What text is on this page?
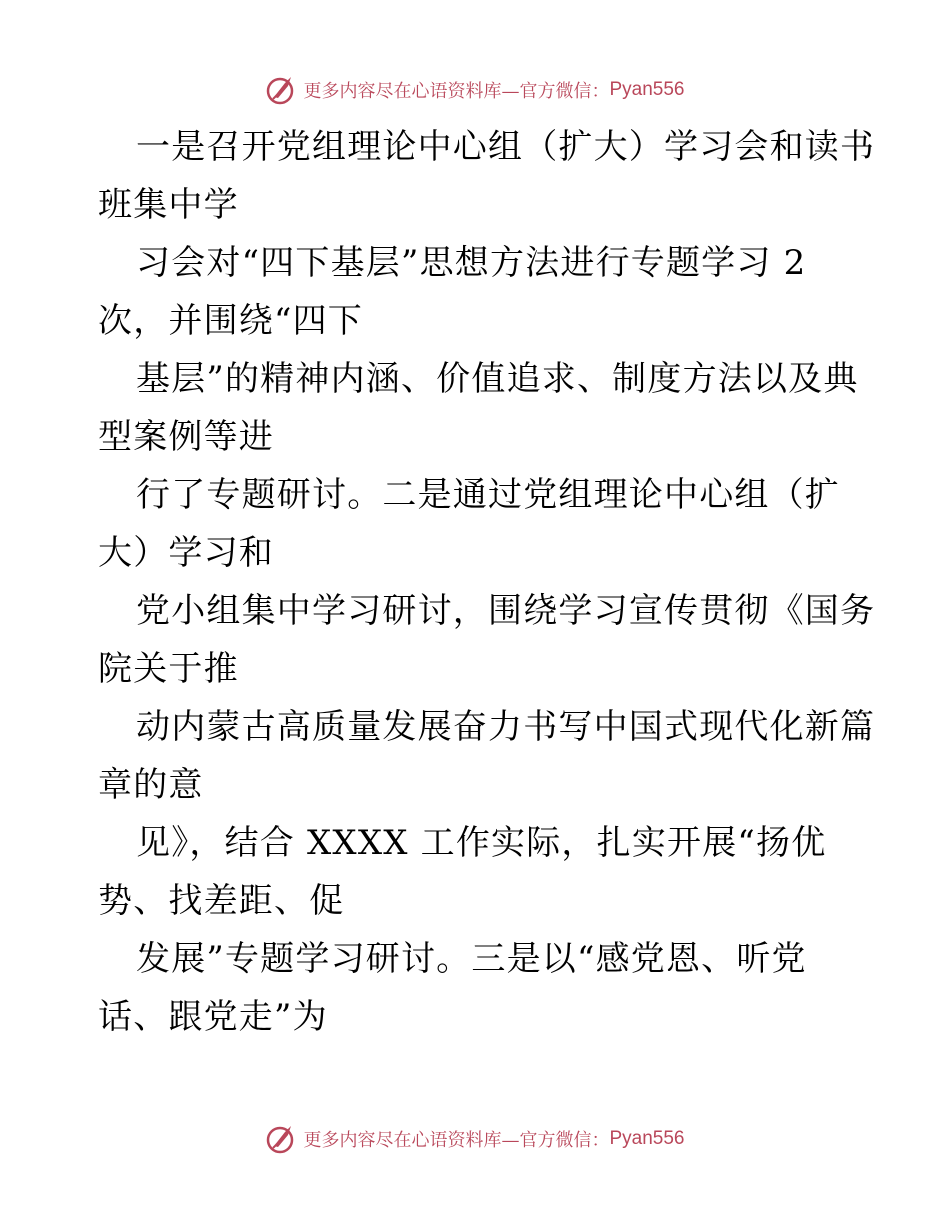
更多内容尽在心语资料库—官方微信： Pyan556
一是召开党组理论中心组（扩大）学习会和读书
班集中学
习会对“四下基层”思想方法进行专题学习 2
次，并围绕“四下
基层”的精神内涵、价值追求、制度方法以及典
型案例等进
行了专题研讨。二是通过党组理论中心组（扩
大）学习和
党小组集中学习研讨，围绕学习宣传贯彻《国务
院关于推
动内蒙古高质量发展奋力书写中国式现代化新篇
章的意
见》，结合 XXXX 工作实际，扎实开展“扬优
势、找差距、促
发展”专题学习研讨。三是以“感党恩、听党
话、跟党走”为
更多内容尽在心语资料库—官方微信： Pyan556
